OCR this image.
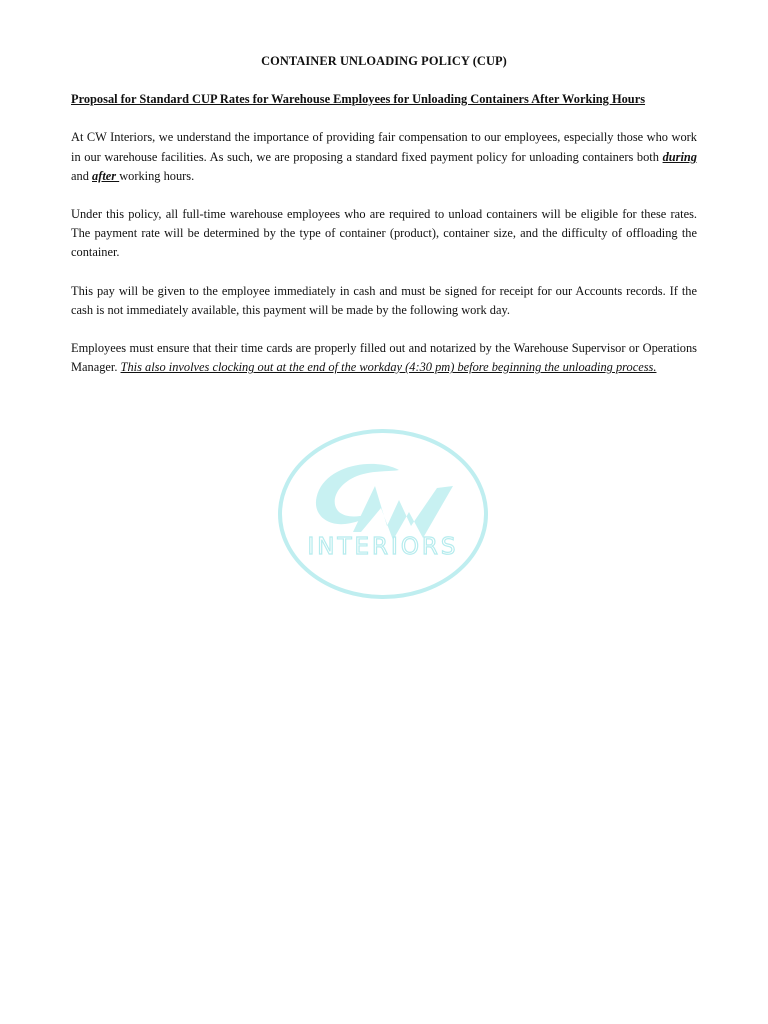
CONTAINER UNLOADING POLICY (CUP)
Proposal for Standard CUP Rates for Warehouse Employees for Unloading Containers After Working Hours

At CW Interiors, we understand the importance of providing fair compensation to our employees, especially those who work in our warehouse facilities. As such, we are proposing a standard fixed payment policy for unloading containers both during and after working hours.

Under this policy, all full-time warehouse employees who are required to unload containers will be eligible for these rates. The payment rate will be determined by the type of container (product), container size, and the difficulty of offloading the container.

This pay will be given to the employee immediately in cash and must be signed for receipt for our Accounts records. If the cash is not immediately available, this payment will be made by the following work day.

Employees must ensure that their time cards are properly filled out and notarized by the Warehouse Supervisor or Operations Manager. This also involves clocking out at the end of the workday (4:30 pm) before beginning the unloading process.

INTERIORS
